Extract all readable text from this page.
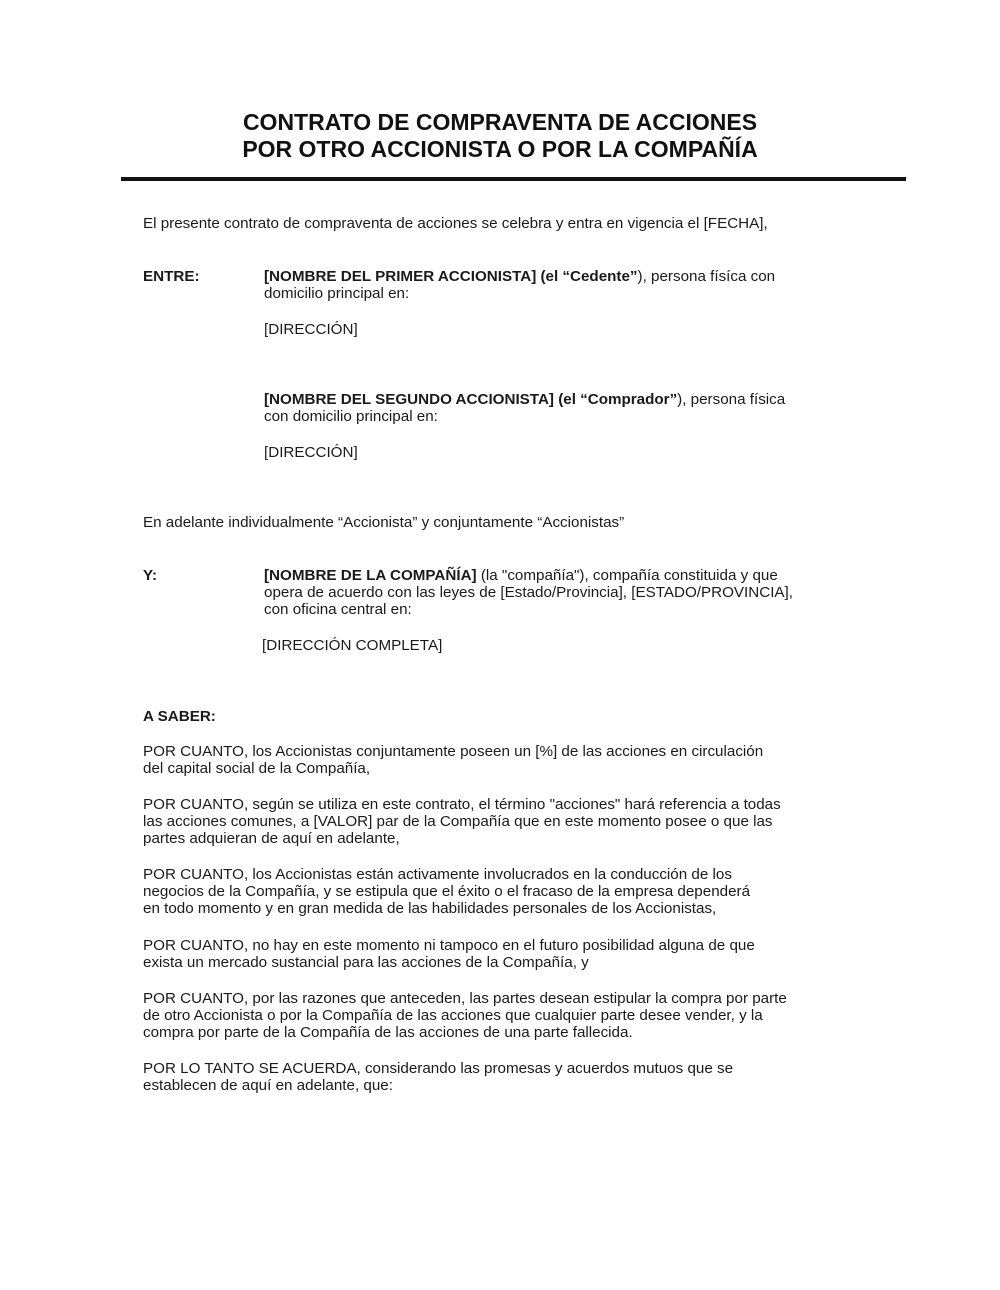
CONTRATO DE COMPRAVENTA DE ACCIONES
POR OTRO ACCIONISTA O POR LA COMPAÑÍA
El presente contrato de compraventa de acciones se celebra y entra en vigencia el [FECHA],
ENTRE:	[NOMBRE DEL PRIMER ACCIONISTA] (el “Cedente”), persona físíca con
domicilio principal en:
[DIRECCIÓN]
[NOMBRE DEL SEGUNDO ACCIONISTA] (el “Comprador”), persona física
con domicilio principal en:
[DIRECCIÓN]
En adelante individualmente “Accionista” y conjuntamente “Accionistas”
Y:	[NOMBRE DE LA COMPAÑÍA] (la "compañía"), compañía constituida y que
opera de acuerdo con las leyes de [Estado/Provincia], [ESTADO/PROVINCIA],
con oficina central en:
[DIRECCIÓN COMPLETA]
A SABER:
POR CUANTO, los Accionistas conjuntamente poseen un [%] de las acciones en circulación
del capital social de la Compañía,
POR CUANTO, según se utiliza en este contrato, el término "acciones" hará referencia a todas
las acciones comunes, a [VALOR] par de la Compañía que en este momento posee o que las
partes adquieran de aquí en adelante,
POR CUANTO, los Accionistas están activamente involucrados en la conducción de los
negocios de la Compañía, y se estipula que el éxito o el fracaso de la empresa dependerá
en todo momento y en gran medida de las habilidades personales de los Accionistas,
POR CUANTO, no hay en este momento ni tampoco en el futuro posibilidad alguna de que
exista un mercado sustancial para las acciones de la Compañía, y
POR CUANTO, por las razones que anteceden, las partes desean estipular la compra por parte
de otro Accionista o por la Compañía de las acciones que cualquier parte desee vender, y la
compra por parte de la Compañía de las acciones de una parte fallecida.
POR LO TANTO SE ACUERDA, considerando las promesas y acuerdos mutuos que se
establecen de aquí en adelante, que:
